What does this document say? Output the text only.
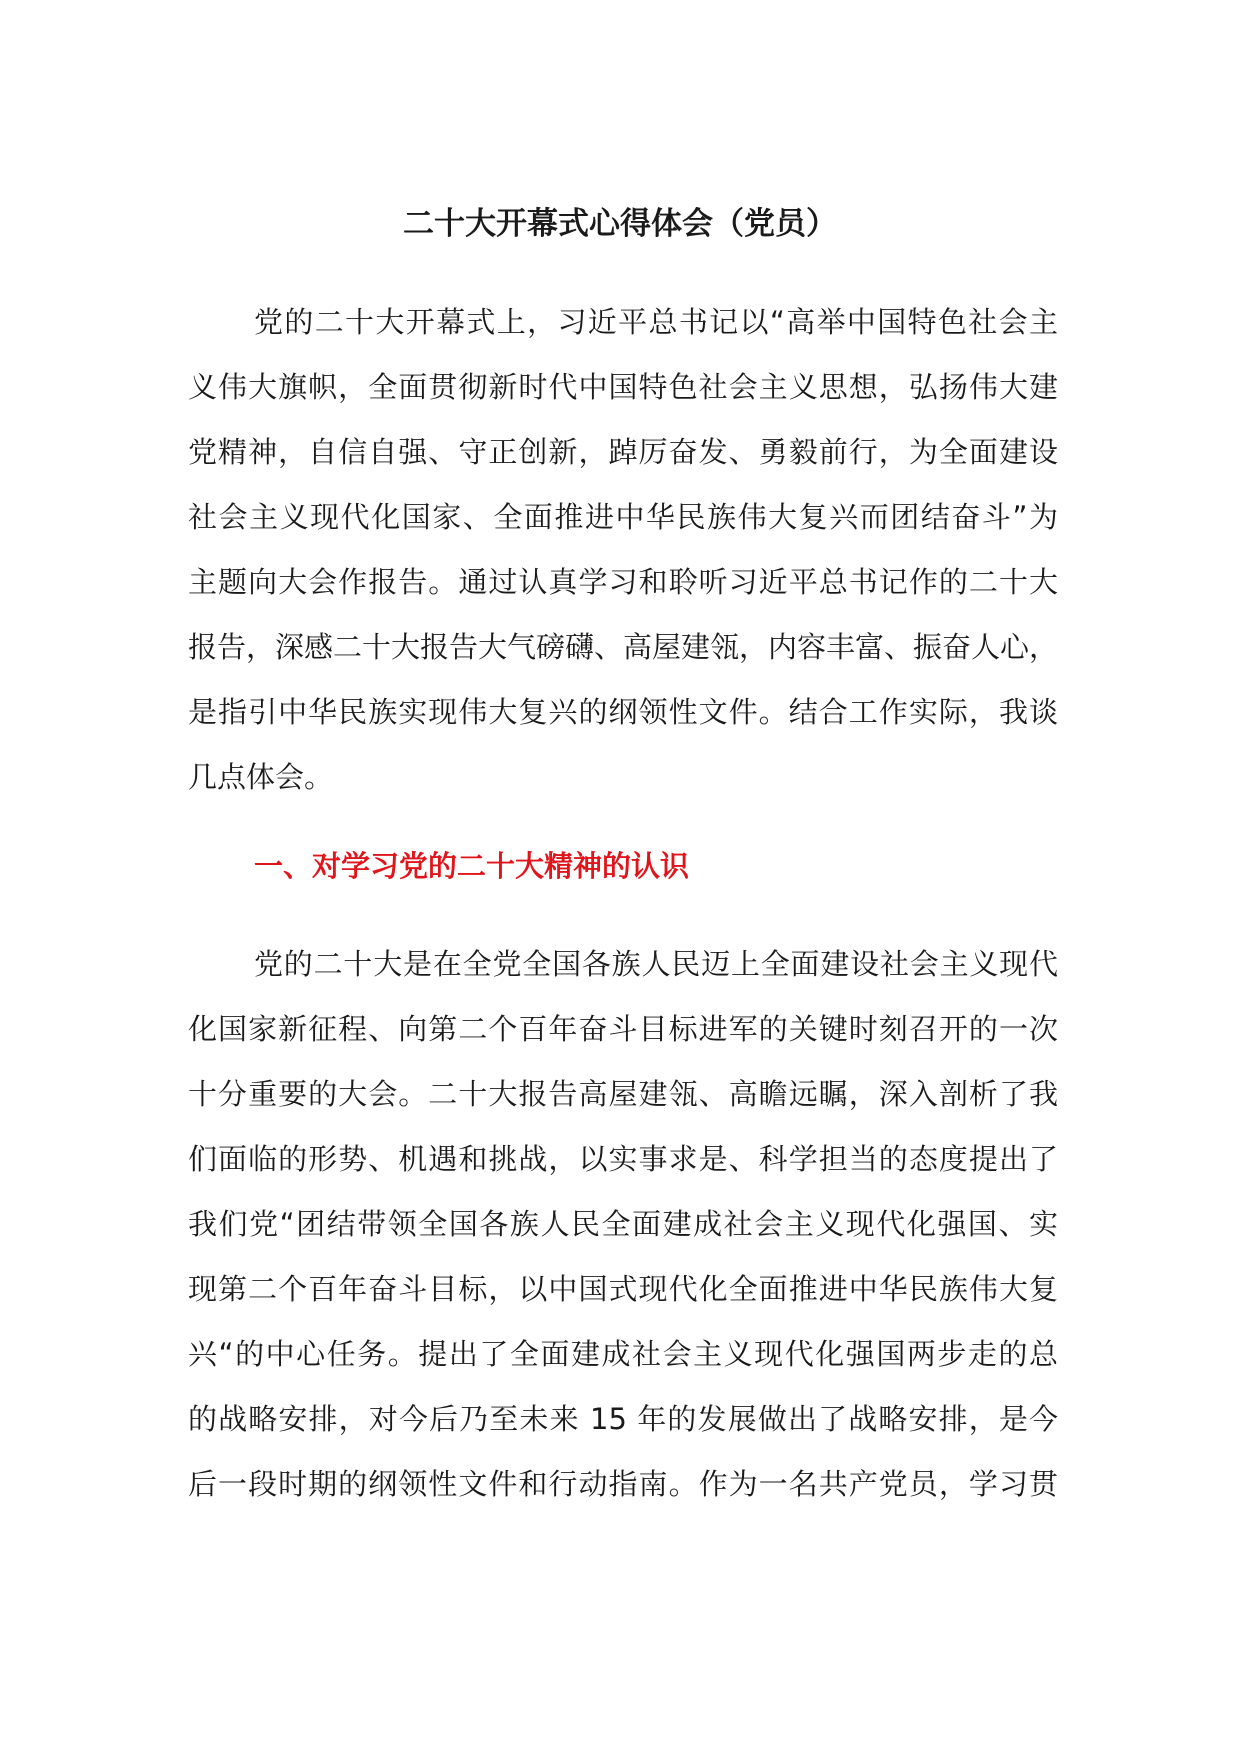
二十大开幕式心得体会（党员）
党的二十大开幕式上，习近平总书记以“高举中国特色社会主
义伟大旗帜，全面贯彻新时代中国特色社会主义思想，弘扬伟大建
党精神，自信自强、守正创新，踔厉奋发、勇毅前行，为全面建设
社会主义现代化国家、全面推进中华民族伟大复兴而团结奋斗”为
主题向大会作报告。通过认真学习和聆听习近平总书记作的二十大
报告，深感二十大报告大气磅礴、高屋建瓴，内容丰富、振奋人心，
是指引中华民族实现伟大复兴的纲领性文件。结合工作实际，我谈
几点体会。
一、对学习党的二十大精神的认识
党的二十大是在全党全国各族人民迈上全面建设社会主义现代
化国家新征程、向第二个百年奋斗目标进军的关键时刻召开的一次
十分重要的大会。二十大报告高屋建瓴、高瞻远瞩，深入剖析了我
们面临的形势、机遇和挑战，以实事求是、科学担当的态度提出了
我们党“团结带领全国各族人民全面建成社会主义现代化强国、实
现第二个百年奋斗目标，以中国式现代化全面推进中华民族伟大复
兴“的中心任务。提出了全面建成社会主义现代化强国两步走的总
的战略安排，对今后乃至未来 15 年的发展做出了战略安排，是今
后一段时期的纲领性文件和行动指南。作为一名共产党员，学习贯
